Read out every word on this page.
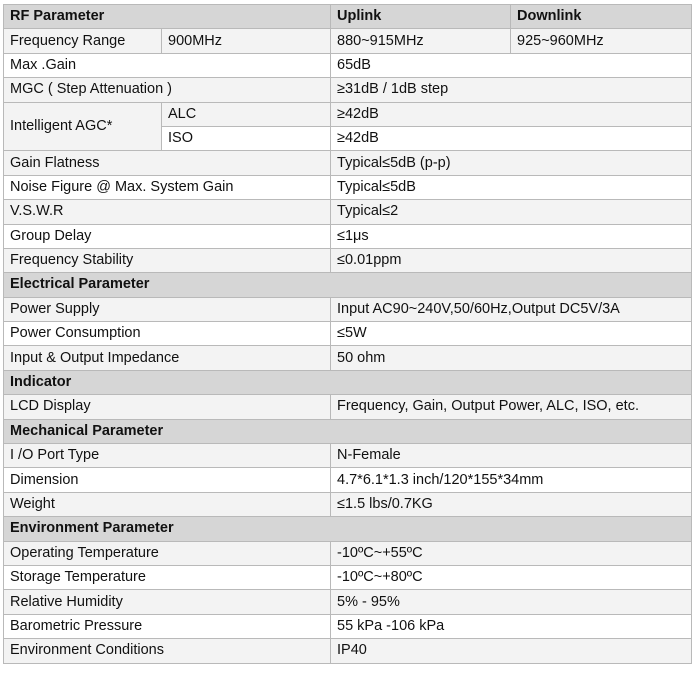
RF Parameter		Uplink	Downlink
Frequency Range	900MHz	880~915MHz	925~960MHz
Max .Gain		65dB	
MGC ( Step Attenuation )		≥31dB / 1dB step	
Intelligent AGC*	ALC	≥42dB	
	ISO	≥42dB	
Gain Flatness		Typical≤5dB (p-p)	
Noise Figure @ Max. System Gain		Typical≤5dB	
V.S.W.R		Typical≤2	
Group Delay		≤1μs	
Frequency Stability		≤0.01ppm	
Electrical Parameter			
Power Supply		Input AC90~240V,50/60Hz,Output DC5V/3A	
Power Consumption		≤5W	
Input & Output Impedance		50 ohm	
Indicator			
LCD Display		Frequency, Gain, Output Power, ALC, ISO, etc.	
Mechanical Parameter			
I /O Port Type		N-Female	
Dimension		4.7*6.1*1.3 inch/120*155*34mm	
Weight		≤1.5 lbs/0.7KG	
Environment Parameter			
Operating Temperature		-10ºC~+55ºC	
Storage Temperature		-10ºC~+80ºC	
Relative Humidity		5% - 95%	
Barometric Pressure		55 kPa -106 kPa	
Environment Conditions		IP40	
